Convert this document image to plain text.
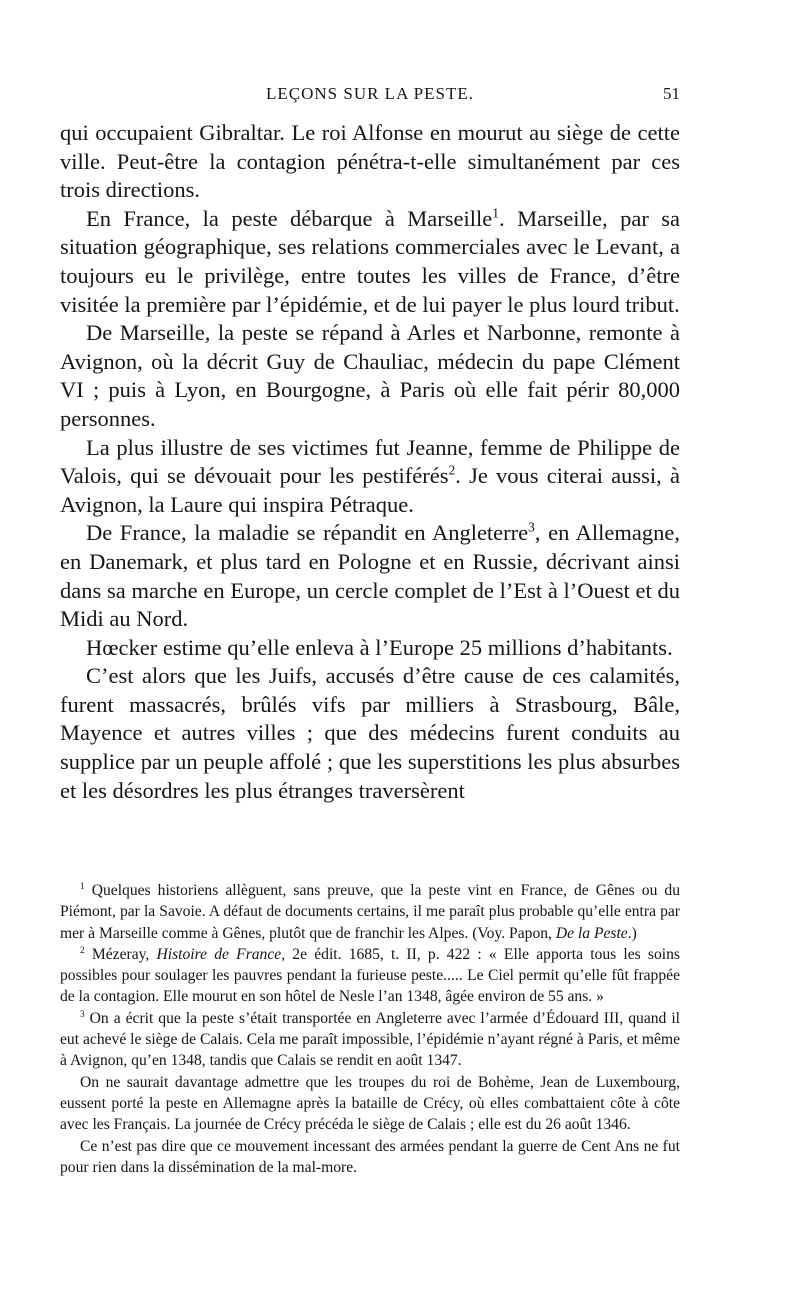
LEÇONS SUR LA PESTE.	51

qui occupaient Gibraltar. Le roi Alfonse en mourut au siège de cette ville. Peut-être la contagion pénétra-t-elle simultanément par ces trois directions.

En France, la peste débarque à Marseille$^1$. Marseille, par sa situation géographique, ses relations commerciales avec le Levant, a toujours eu le privilège, entre toutes les villes de France, d’être visitée la première par l’épidémie, et de lui payer le plus lourd tribut.

De Marseille, la peste se répand à Arles et Narbonne, remonte à Avignon, où la décrit Guy de Chauliac, médecin du pape Clément VI ; puis à Lyon, en Bourgogne, à Paris où elle fait périr 80,000 personnes.

La plus illustre de ses victimes fut Jeanne, femme de Philippe de Valois, qui se dévouait pour les pestiférés$^2$. Je vous citerai aussi, à Avignon, la Laure qui inspira Pétraque.

De France, la maladie se répandit en Angleterre$^3$, en Allemagne, en Danemark, et plus tard en Pologne et en Russie, décrivant ainsi dans sa marche en Europe, un cercle complet de l’Est à l’Ouest et du Midi au Nord.

Hœcker estime qu’elle enleva à l’Europe 25 millions d’habitants.

C’est alors que les Juifs, accusés d’être cause de ces calamités, furent massacrés, brûlés vifs par milliers à Strasbourg, Bâle, Mayence et autres villes ; que des médecins furent conduits au supplice par un peuple affolé ; que les superstitions les plus absurbes et les désordres les plus étranges traversèrent

$^1$ Quelques historiens allèguent, sans preuve, que la peste vint en France, de Gênes ou du Piémont, par la Savoie. A défaut de documents certains, il me paraît plus probable qu’elle entra par mer à Marseille comme à Gênes, plutôt que de franchir les Alpes. (Voy. Papon, De la Peste.)

$^2$ Mézeray, Histoire de France, 2e édit. 1685, t. II, p. 422 : « Elle apporta tous les soins possibles pour soulager les pauvres pendant la furieuse peste..... Le Ciel permit qu’elle fût frappée de la contagion. Elle mourut en son hôtel de Nesle l’an 1348, âgée environ de 55 ans. »

$^3$ On a écrit que la peste s’était transportée en Angleterre avec l’armée d’Édouard III, quand il eut achevé le siège de Calais. Cela me paraît impossible, l’épidémie n’ayant régné à Paris, et même à Avignon, qu’en 1348, tandis que Calais se rendit en août 1347.

On ne saurait davantage admettre que les troupes du roi de Bohème, Jean de Luxembourg, eussent porté la peste en Allemagne après la bataille de Crécy, où elles combattaient côte à côte avec les Français. La journée de Crécy précéda le siège de Calais ; elle est du 26 août 1346.

Ce n’est pas dire que ce mouvement incessant des armées pendant la guerre de Cent Ans ne fut pour rien dans la dissémination de la mal-more.
